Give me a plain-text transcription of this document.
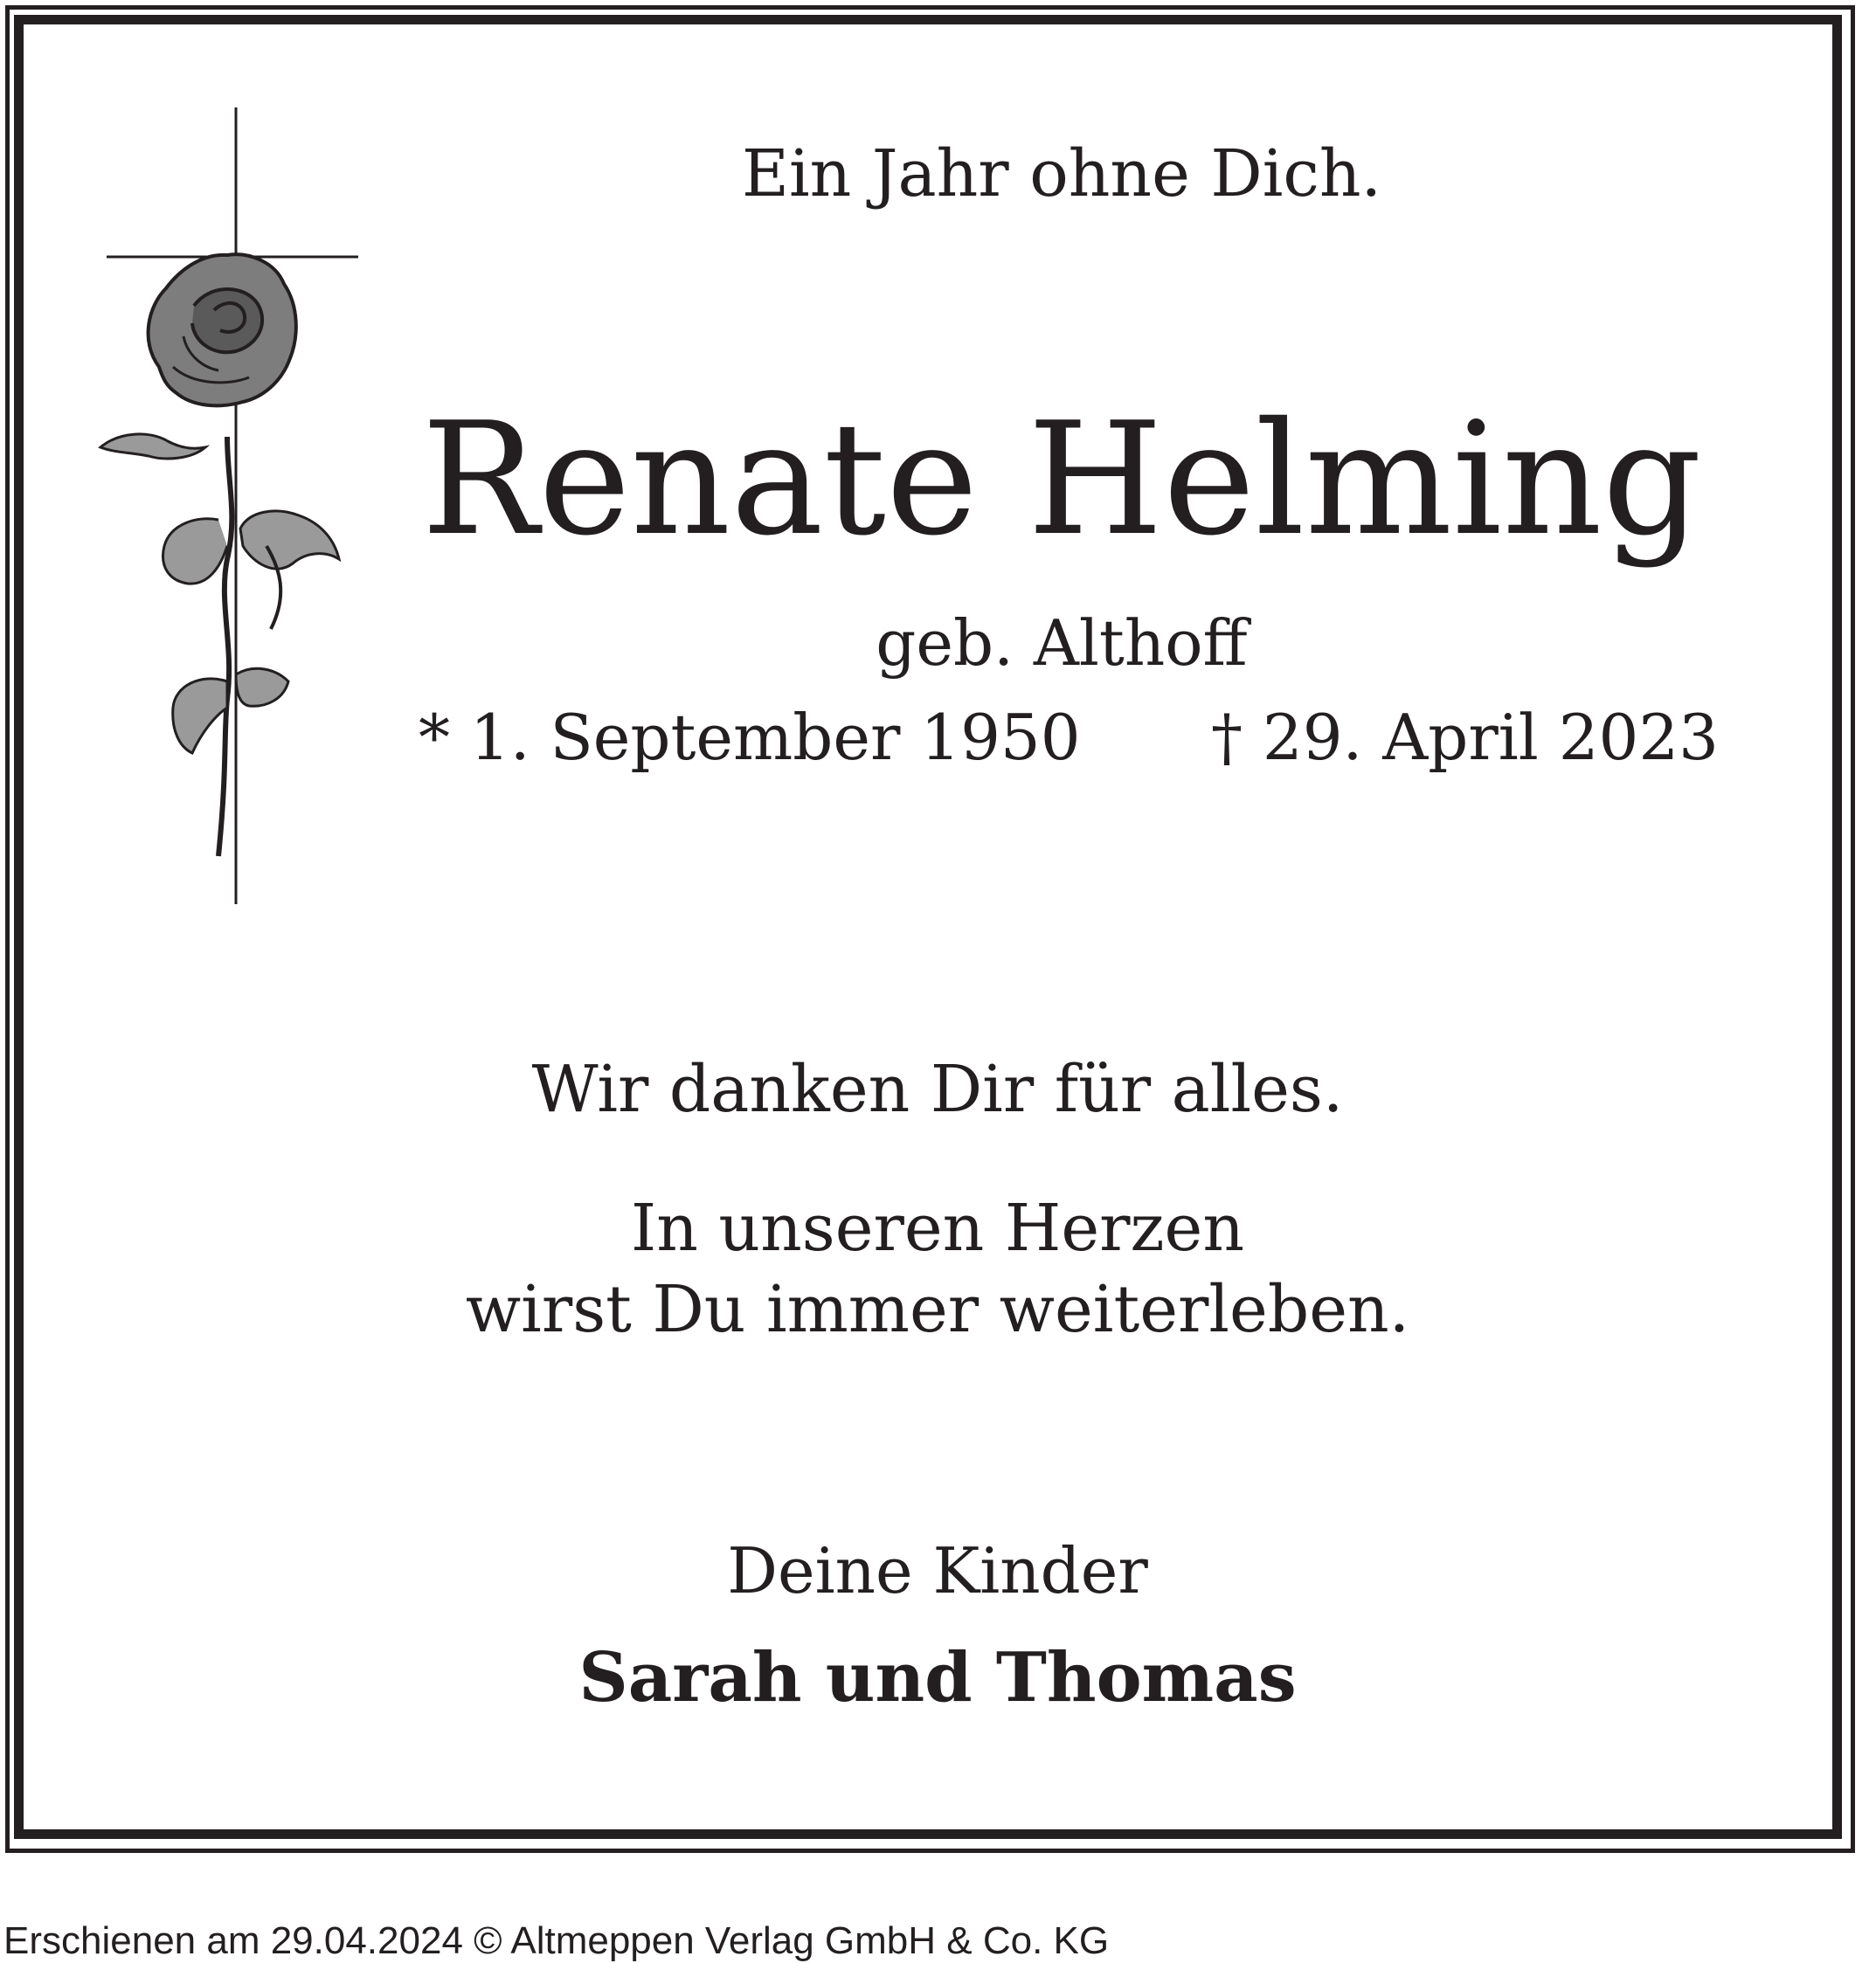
Ein Jahr ohne Dich.

Renate Helming

geb. Althoff

* 1. September 1950 † 29. April 2023

Wir danken Dir für alles.

In unseren Herzen
wirst Du immer weiterleben.

Deine Kinder

Sarah und Thomas

Erschienen am 29.04.2024 © Altmeppen Verlag GmbH & Co. KG
